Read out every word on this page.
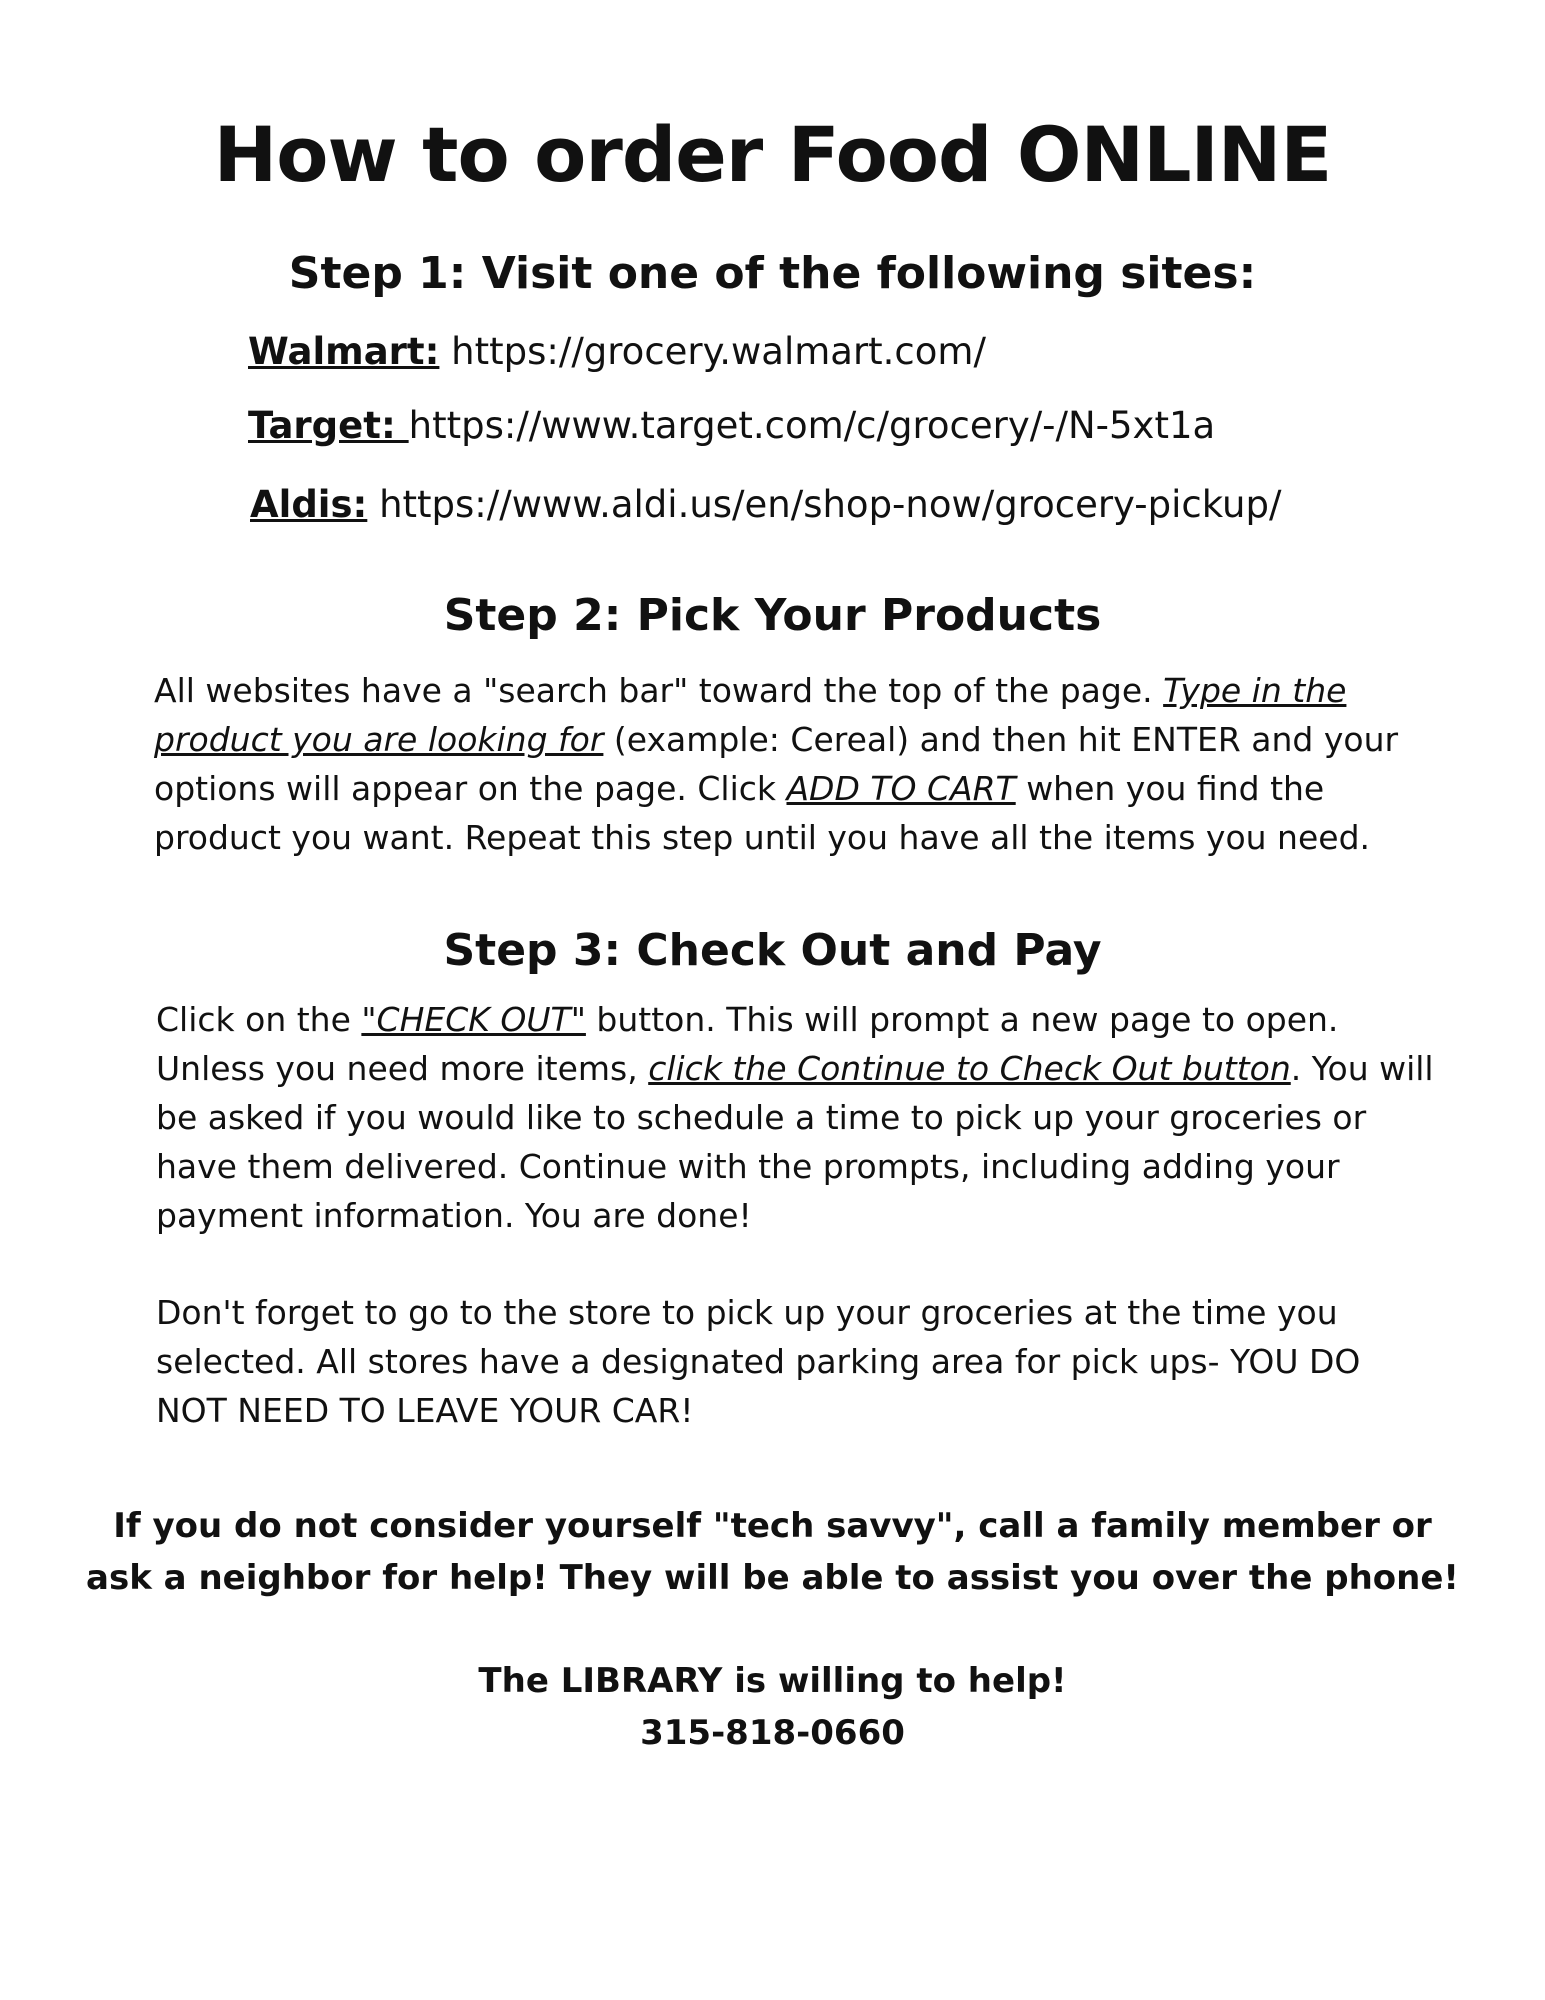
How to order Food ONLINE
Step 1: Visit one of the following sites:
Walmart: https://grocery.walmart.com/
Target: https://www.target.com/c/grocery/-/N-5xt1a
Aldis: https://www.aldi.us/en/shop-now/grocery-pickup/
Step 2: Pick Your Products
All websites have a "search bar" toward the top of the page. Type in the
product you are looking for (example: Cereal) and then hit ENTER and your
options will appear on the page. Click ADD TO CART when you find the
product you want. Repeat this step until you have all the items you need.
Step 3: Check Out and Pay
Click on the "CHECK OUT" button. This will prompt a new page to open.
Unless you need more items, click the Continue to Check Out button. You will
be asked if you would like to schedule a time to pick up your groceries or
have them delivered. Continue with the prompts, including adding your
payment information. You are done!
Don't forget to go to the store to pick up your groceries at the time you
selected. All stores have a designated parking area for pick ups- YOU DO
NOT NEED TO LEAVE YOUR CAR!
If you do not consider yourself "tech savvy", call a family member or
ask a neighbor for help! They will be able to assist you over the phone!
The LIBRARY is willing to help!
315-818-0660
